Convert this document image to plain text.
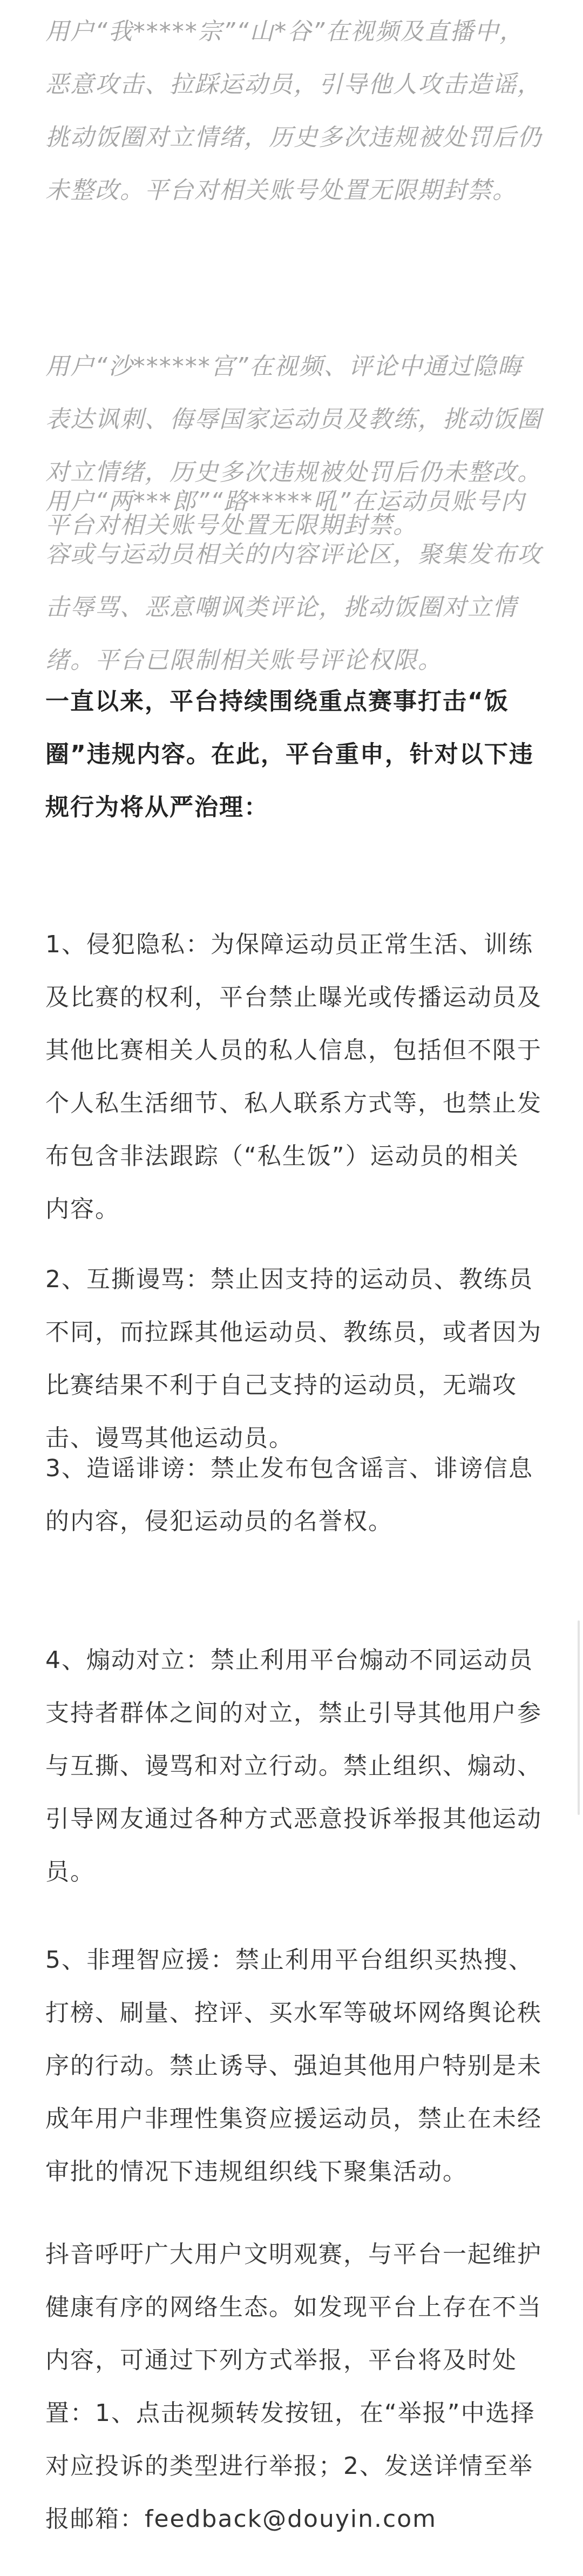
用户“我*****宗”“山*谷”在视频及直播中，恶意攻击、拉踩运动员，引导他人攻击造谣，挑动饭圈对立情绪，历史多次违规被处罚后仍未整改。平台对相关账号处置无限期封禁。

用户“沙******宫”在视频、评论中通过隐晦表达讽刺、侮辱国家运动员及教练，挑动饭圈对立情绪，历史多次违规被处罚后仍未整改。平台对相关账号处置无限期封禁。

用户“两***郎”“路*****吼”在运动员账号内容或与运动员相关的内容评论区，聚集发布攻击辱骂、恶意嘲讽类评论，挑动饭圈对立情绪。平台已限制相关账号评论权限。

一直以来，平台持续围绕重点赛事打击“饭圈”违规内容。在此，平台重申，针对以下违规行为将从严治理：

1、侵犯隐私：为保障运动员正常生活、训练及比赛的权利，平台禁止曝光或传播运动员及其他比赛相关人员的私人信息，包括但不限于个人私生活细节、私人联系方式等，也禁止发布包含非法跟踪（“私生饭”）运动员的相关内容。

2、互撕谩骂：禁止因支持的运动员、教练员不同，而拉踩其他运动员、教练员，或者因为比赛结果不利于自己支持的运动员，无端攻击、谩骂其他运动员。

3、造谣诽谤：禁止发布包含谣言、诽谤信息的内容，侵犯运动员的名誉权。

4、煽动对立：禁止利用平台煽动不同运动员支持者群体之间的对立，禁止引导其他用户参与互撕、谩骂和对立行动。禁止组织、煽动、引导网友通过各种方式恶意投诉举报其他运动员。

5、非理智应援：禁止利用平台组织买热搜、打榜、刷量、控评、买水军等破坏网络舆论秩序的行动。禁止诱导、强迫其他用户特别是未成年用户非理性集资应援运动员，禁止在未经审批的情况下违规组织线下聚集活动。

抖音呼吁广大用户文明观赛，与平台一起维护健康有序的网络生态。如发现平台上存在不当内容，可通过下列方式举报，平台将及时处置：1、点击视频转发按钮，在“举报”中选择对应投诉的类型进行举报；2、发送详情至举报邮箱：feedback@douyin.com
